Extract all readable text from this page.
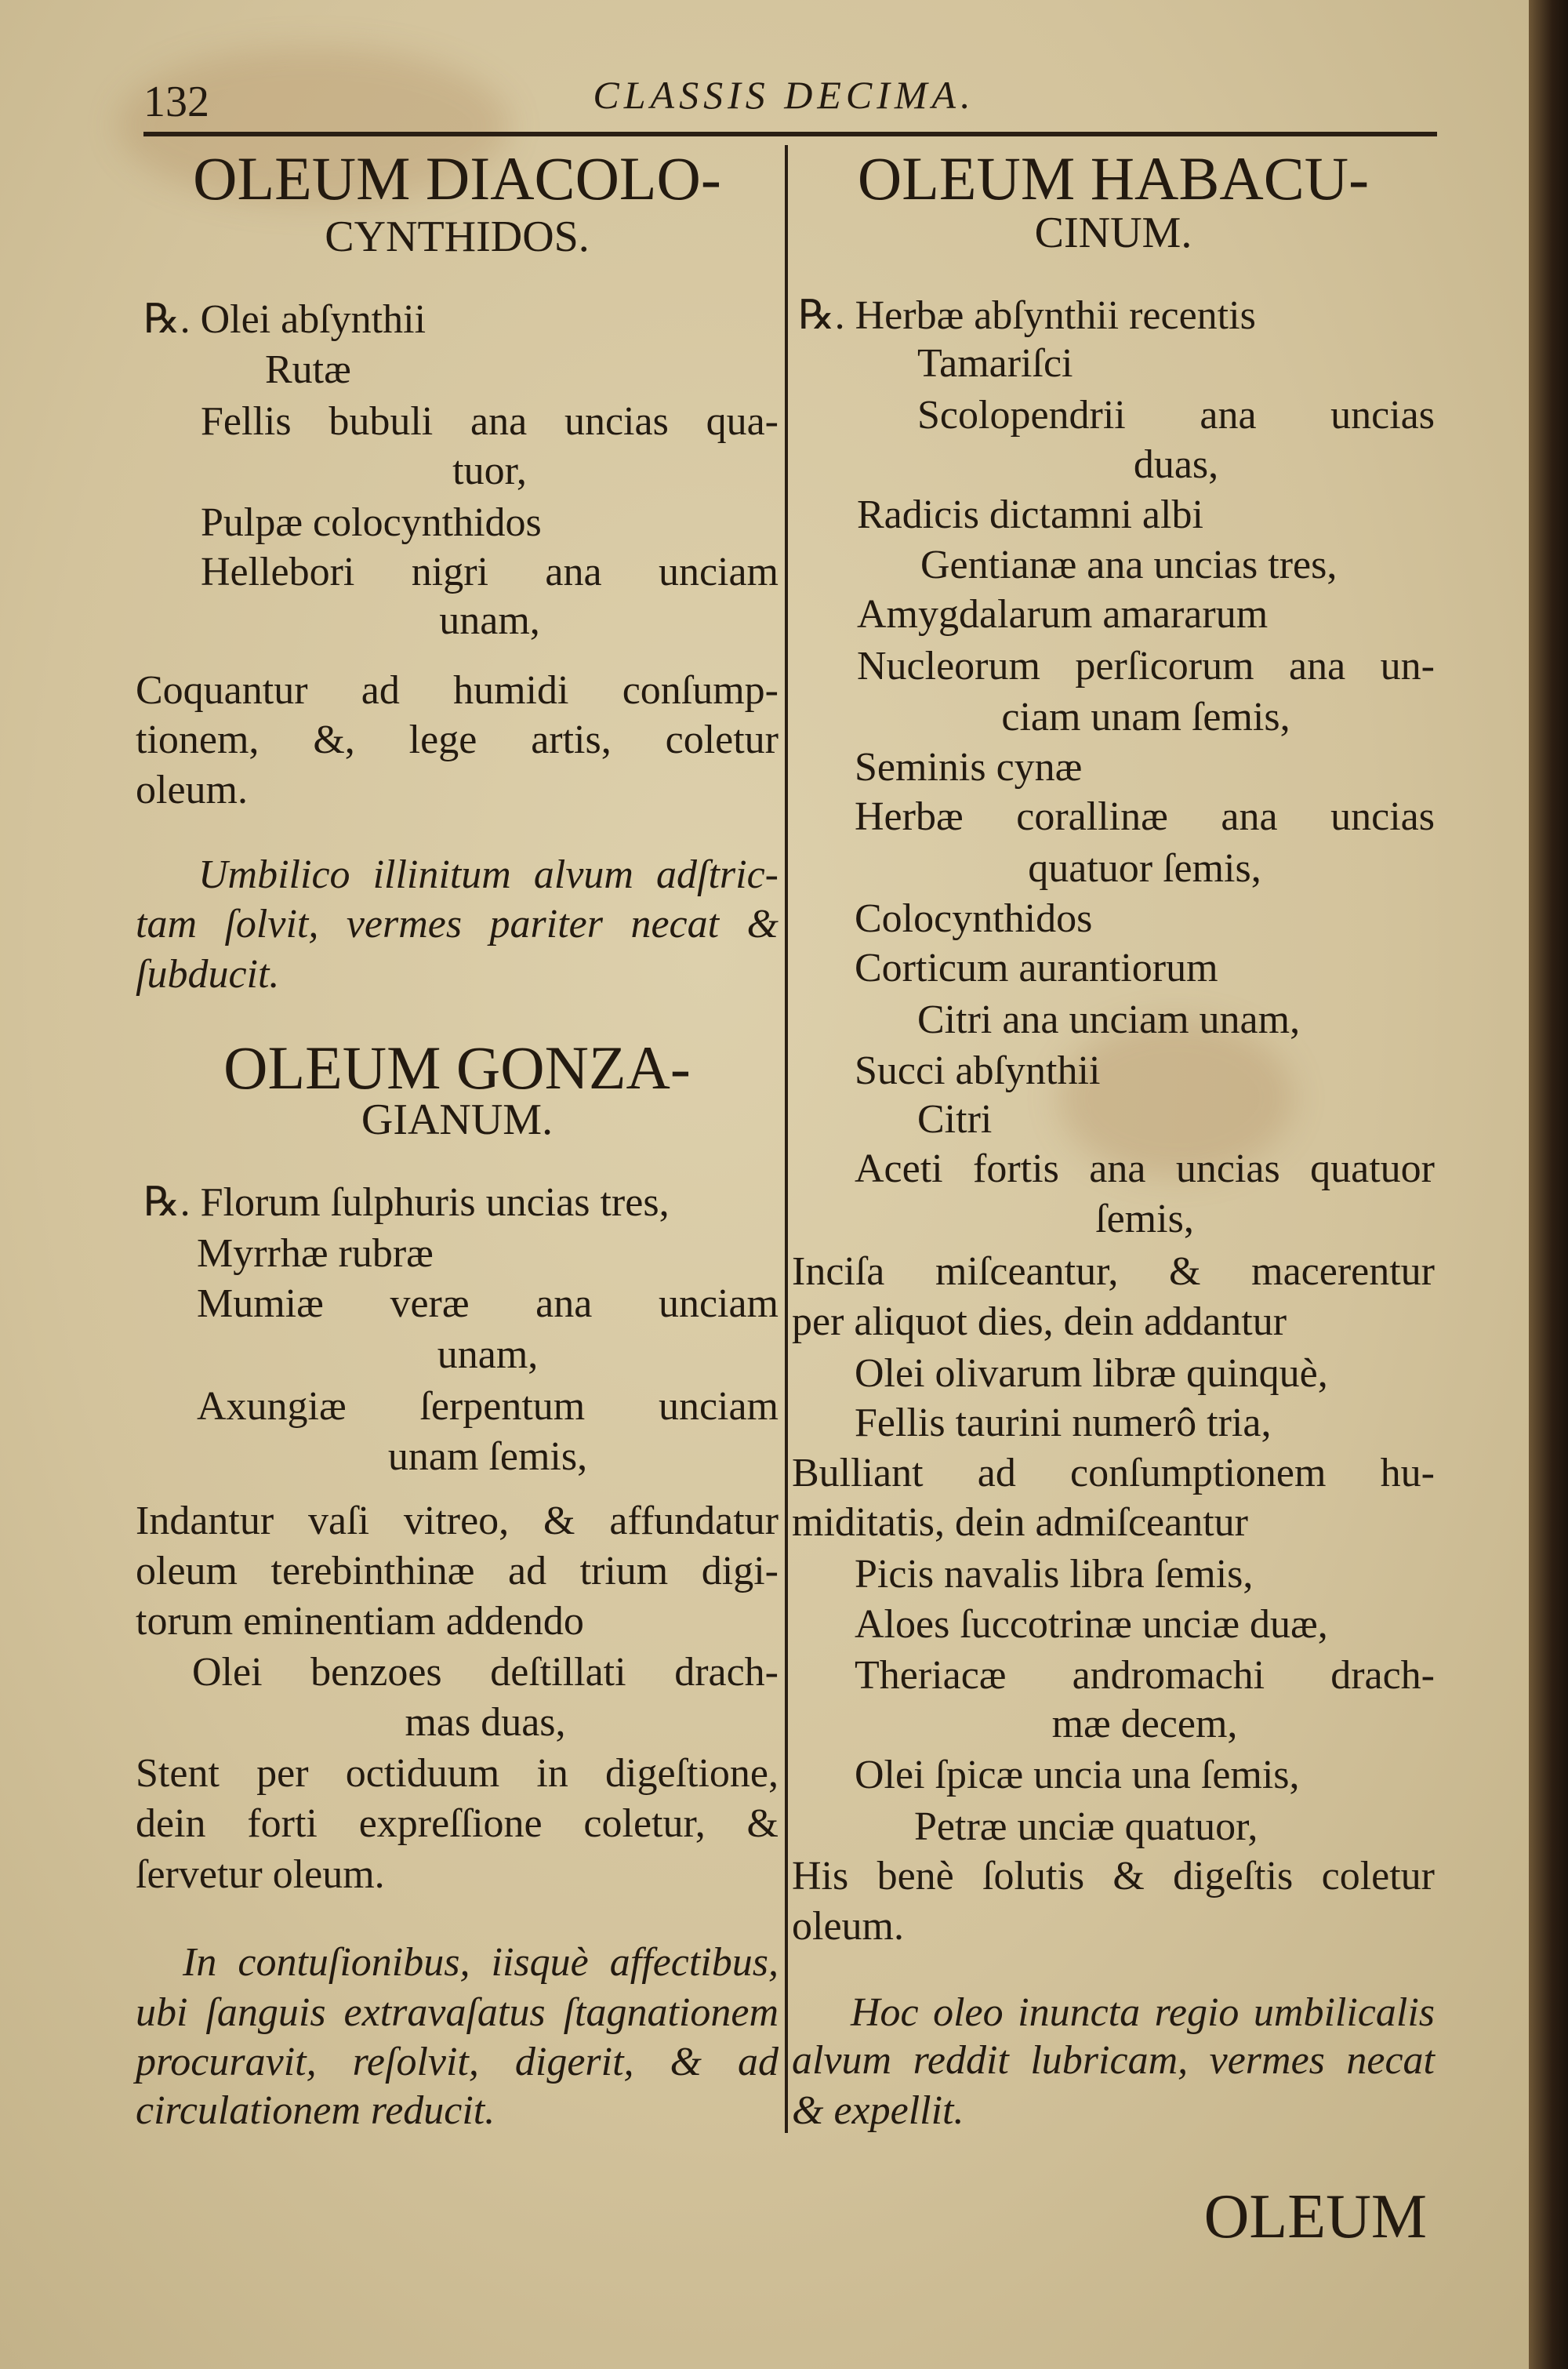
132	CLASSIS DECIMA.
OLEUM DIACOLO-
CYNTHIDOS.
℞. Olei abſynthii
Rutæ
Fellis bubuli ana uncias qua-
tuor,
Pulpæ colocynthidos
Hellebori nigri ana unciam
unam,
Coquantur ad humidi conſump-
tionem, &, lege artis, coletur
oleum.
Umbilico illinitum alvum adſtric-
tam ſolvit, vermes pariter necat &
ſubducit.
OLEUM GONZA-
GIANUM.
℞. Florum ſulphuris uncias tres,
Myrrhæ rubræ
Mumiæ veræ ana unciam
unam,
Axungiæ ſerpentum unciam
unam ſemis,
Indantur vaſi vitreo, & affundatur
oleum terebinthinæ ad trium digi-
torum eminentiam addendo
Olei benzoes deſtillati drach-
mas duas,
Stent per octiduum in digeſtione,
dein forti expreſſione coletur, &
ſervetur oleum.
In contuſionibus, iisquè affectibus,
ubi ſanguis extravaſatus ſtagnationem
procuravit, reſolvit, digerit, & ad
circulationem reducit.
OLEUM HABACU-
CINUM.
℞. Herbæ abſynthii recentis
Tamariſci
Scolopendrii ana uncias
duas,
Radicis dictamni albi
Gentianæ ana uncias tres,
Amygdalarum amararum
Nucleorum perſicorum ana un-
ciam unam ſemis,
Seminis cynæ
Herbæ corallinæ ana uncias
quatuor ſemis,
Colocynthidos
Corticum aurantiorum
Citri ana unciam unam,
Succi abſynthii
Citri
Aceti fortis ana uncias quatuor
ſemis,
Inciſa miſceantur, & macerentur
per aliquot dies, dein addantur
Olei olivarum libræ quinquè,
Fellis taurini numerô tria,
Bulliant ad conſumptionem hu-
miditatis, dein admiſceantur
Picis navalis libra ſemis,
Aloes ſuccotrinæ unciæ duæ,
Theriacæ andromachi drach-
mæ decem,
Olei ſpicæ uncia una ſemis,
Petræ unciæ quatuor,
His benè ſolutis & digeſtis coletur
oleum.
Hoc oleo inuncta regio umbilicalis
alvum reddit lubricam, vermes necat
& expellit.
OLEUM
